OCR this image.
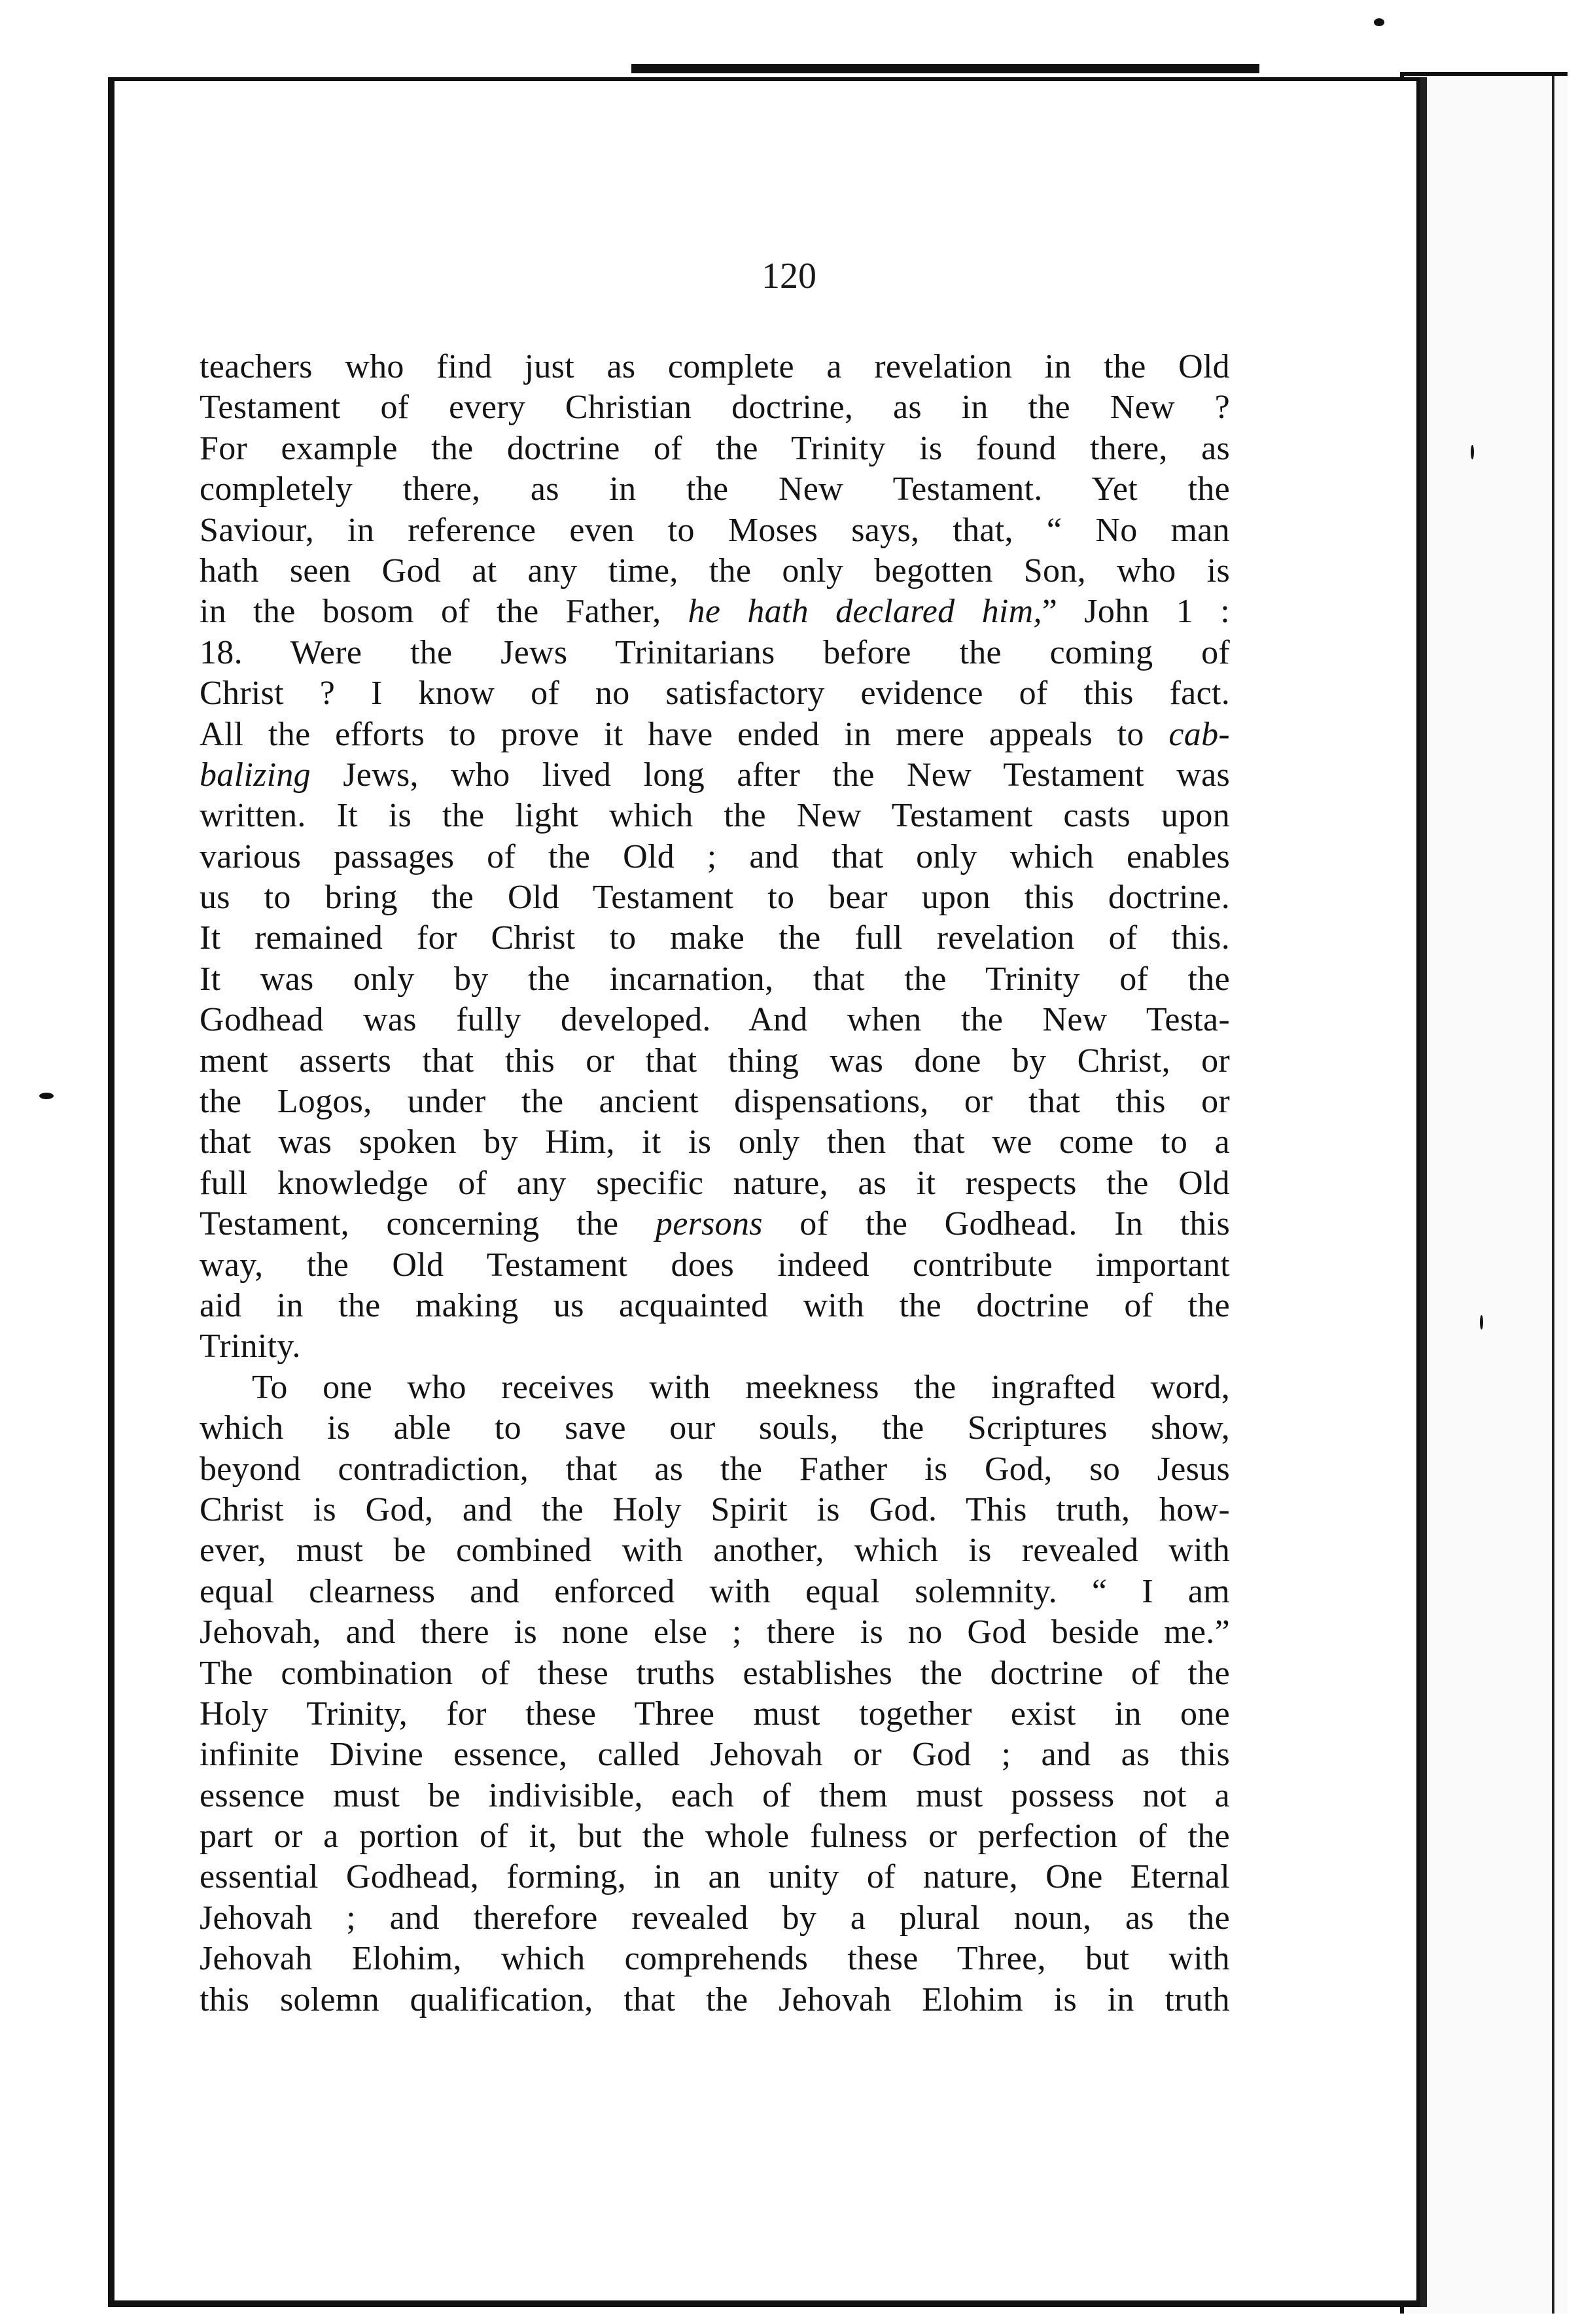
120
teachers who find just as complete a revelation in the Old
Testament of every Christian doctrine, as in the New ?
For example the doctrine of the Trinity is found there, as
completely there, as in the New Testament. Yet the
Saviour, in reference even to Moses says, that, “ No man
hath seen God at any time, the only begotten Son, who is
in the bosom of the Father, he hath declared him,” John 1 :
18. Were the Jews Trinitarians before the coming of
Christ ? I know of no satisfactory evidence of this fact.
All the efforts to prove it have ended in mere appeals to cab-
balizing Jews, who lived long after the New Testament was
written. It is the light which the New Testament casts upon
various passages of the Old ; and that only which enables
us to bring the Old Testament to bear upon this doctrine.
It remained for Christ to make the full revelation of this.
It was only by the incarnation, that the Trinity of the
Godhead was fully developed. And when the New Testa-
ment asserts that this or that thing was done by Christ, or
the Logos, under the ancient dispensations, or that this or
that was spoken by Him, it is only then that we come to a
full knowledge of any specific nature, as it respects the Old
Testament, concerning the persons of the Godhead. In this
way, the Old Testament does indeed contribute important
aid in the making us acquainted with the doctrine of the
Trinity.
To one who receives with meekness the ingrafted word,
which is able to save our souls, the Scriptures show,
beyond contradiction, that as the Father is God, so Jesus
Christ is God, and the Holy Spirit is God. This truth, how-
ever, must be combined with another, which is revealed with
equal clearness and enforced with equal solemnity. “ I am
Jehovah, and there is none else ; there is no God beside me.”
The combination of these truths establishes the doctrine of the
Holy Trinity, for these Three must together exist in one
infinite Divine essence, called Jehovah or God ; and as this
essence must be indivisible, each of them must possess not a
part or a portion of it, but the whole fulness or perfection of the
essential Godhead, forming, in an unity of nature, One Eternal
Jehovah ; and therefore revealed by a plural noun, as the
Jehovah Elohim, which comprehends these Three, but with
this solemn qualification, that the Jehovah Elohim is in truth
